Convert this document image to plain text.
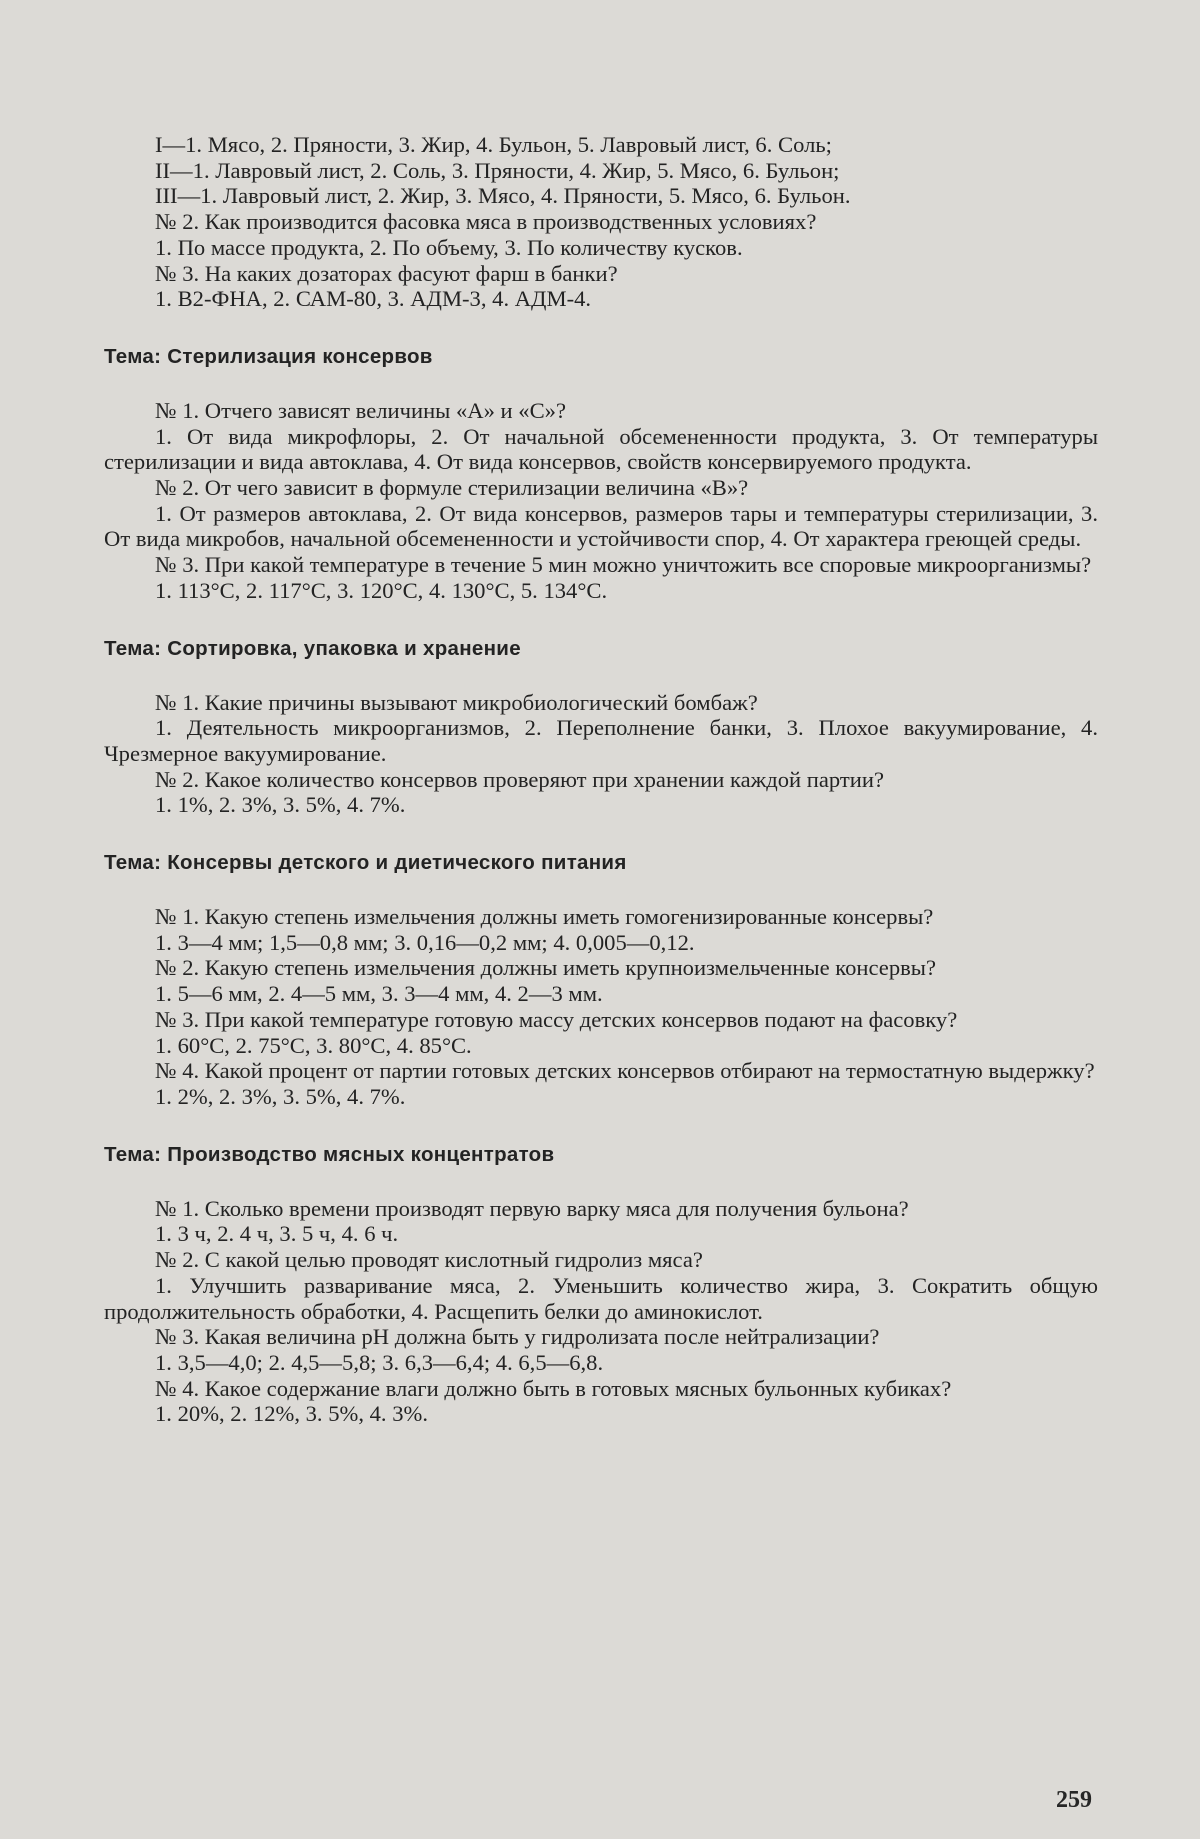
I—1. Мясо, 2. Пряности, 3. Жир, 4. Бульон, 5. Лавровый лист, 6. Соль;

II—1. Лавровый лист, 2. Соль, 3. Пряности, 4. Жир, 5. Мясо, 6. Бульон;

III—1. Лавровый лист, 2. Жир, 3. Мясо, 4. Пряности, 5. Мясо, 6. Бульон.

№ 2. Как производится фасовка мяса в производственных условиях?

1. По массе продукта, 2. По объему, 3. По количеству кусков.

№ 3. На каких дозаторах фасуют фарш в банки?

1. В2-ФНА, 2. САМ-80, 3. АДМ-3, 4. АДМ-4.

Тема: Стерилизация консервов

№ 1. Отчего зависят величины «А» и «С»?

1. От вида микрофлоры, 2. От начальной обсемененности продукта, 3. От температуры стерилизации и вида автоклава, 4. От вида консервов, свойств консервируемого продукта.

№ 2. От чего зависит в формуле стерилизации величина «В»?

1. От размеров автоклава, 2. От вида консервов, размеров тары и температуры стерилизации, 3. От вида микробов, начальной обсемененности и устойчивости спор, 4. От характера греющей среды.

№ 3. При какой температуре в течение 5 мин можно уничтожить все споровые микроорганизмы?

1. 113°С, 2. 117°С, 3. 120°С, 4. 130°С, 5. 134°С.

Тема: Сортировка, упаковка и хранение

№ 1. Какие причины вызывают микробиологический бомбаж?

1. Деятельность микроорганизмов, 2. Переполнение банки, 3. Плохое вакуумирование, 4. Чрезмерное вакуумирование.

№ 2. Какое количество консервов проверяют при хранении каждой партии?

1. 1%, 2. 3%, 3. 5%, 4. 7%.

Тема: Консервы детского и диетического питания

№ 1. Какую степень измельчения должны иметь гомогенизированные консервы?

1. 3—4 мм; 1,5—0,8 мм; 3. 0,16—0,2 мм; 4. 0,005—0,12.

№ 2. Какую степень измельчения должны иметь крупноизмельченные консервы?

1. 5—6 мм, 2. 4—5 мм, 3. 3—4 мм, 4. 2—3 мм.

№ 3. При какой температуре готовую массу детских консервов подают на фасовку?

1. 60°С, 2. 75°С, 3. 80°С, 4. 85°С.

№ 4. Какой процент от партии готовых детских консервов отбирают на термостатную выдержку?

1. 2%, 2. 3%, 3. 5%, 4. 7%.

Тема: Производство мясных концентратов

№ 1. Сколько времени производят первую варку мяса для получения бульона?

1. 3 ч, 2. 4 ч, 3. 5 ч, 4. 6 ч.

№ 2. С какой целью проводят кислотный гидролиз мяса?

1. Улучшить разваривание мяса, 2. Уменьшить количество жира, 3. Сократить общую продолжительность обработки, 4. Расщепить белки до аминокислот.

№ 3. Какая величина pH должна быть у гидролизата после нейтрализации?

1. 3,5—4,0; 2. 4,5—5,8; 3. 6,3—6,4; 4. 6,5—6,8.

№ 4. Какое содержание влаги должно быть в готовых мясных бульонных кубиках?

1. 20%, 2. 12%, 3. 5%, 4. 3%.

259
